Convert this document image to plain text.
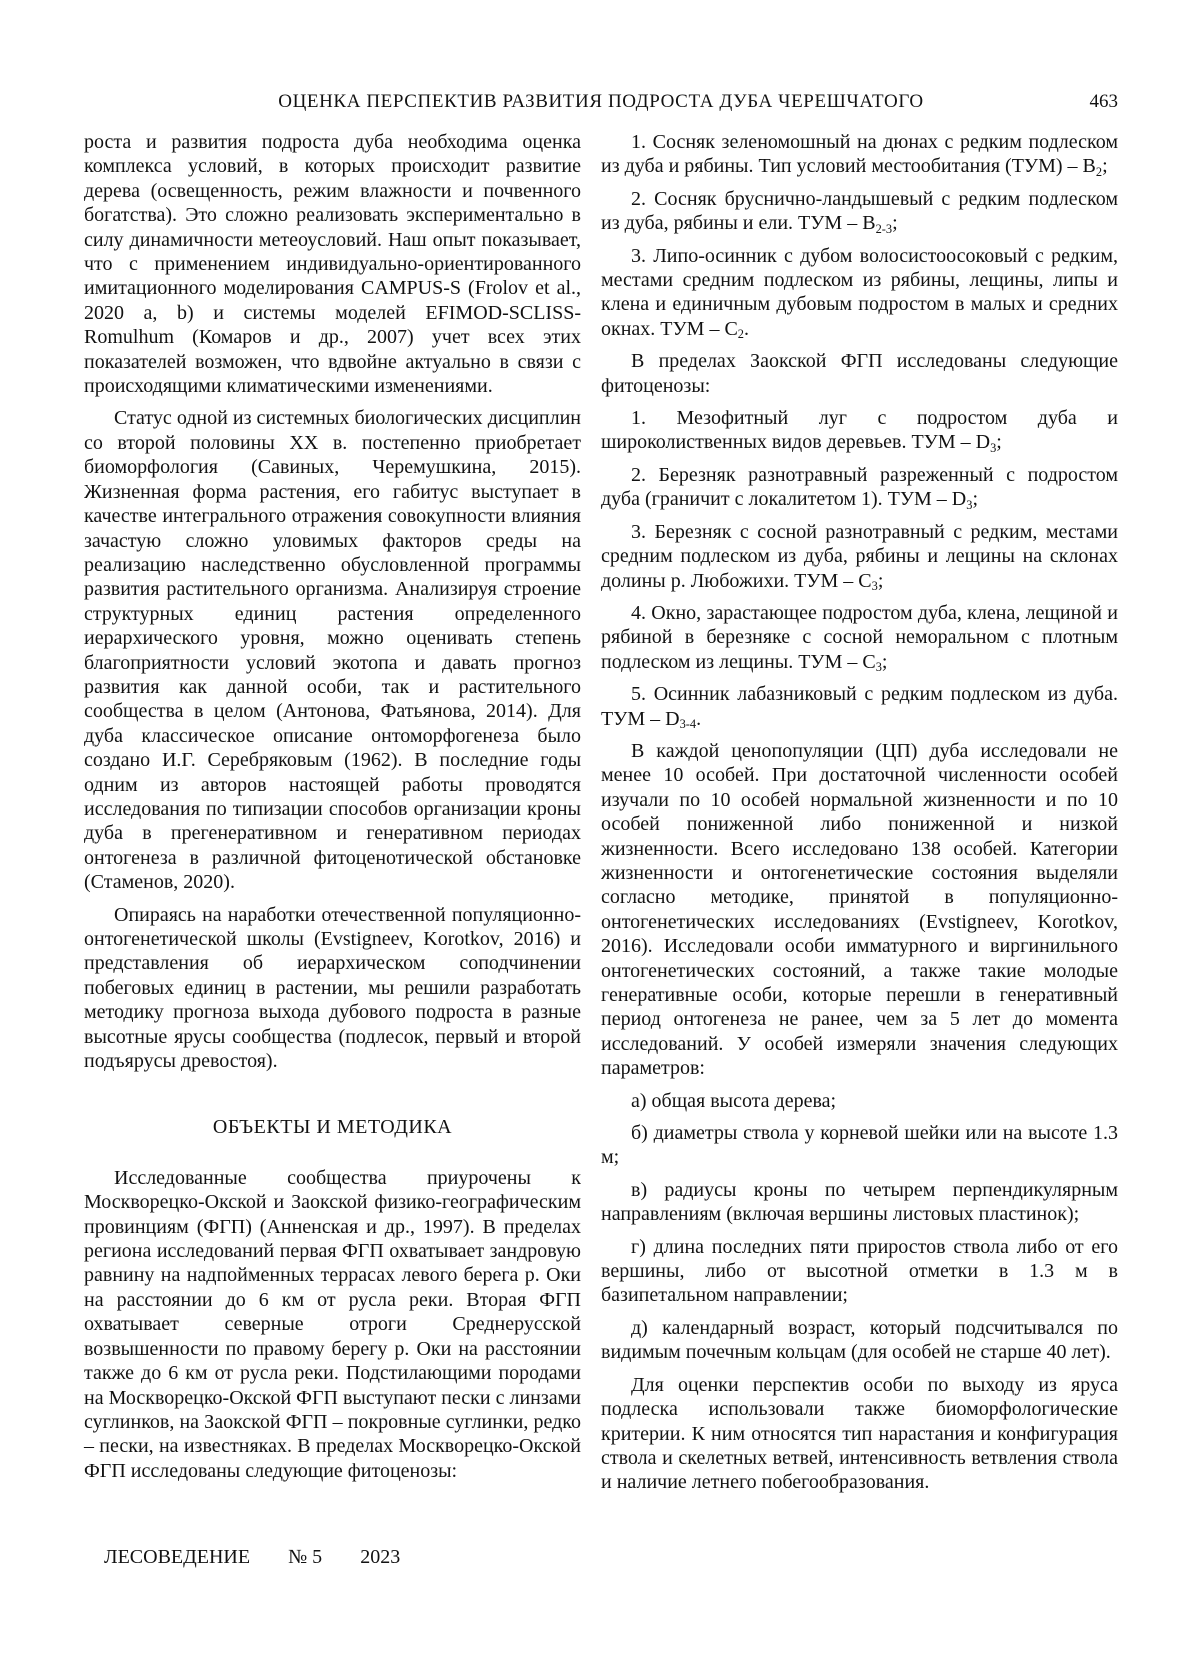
ОЦЕНКА ПЕРСПЕКТИВ РАЗВИТИЯ ПОДРОСТА ДУБА ЧЕРЕШЧАТОГО	463

роста и развития подроста дуба необходима оценка комплекса условий, в которых происходит развитие дерева (освещенность, режим влажности и почвенного богатства). Это сложно реализовать экспериментально в силу динамичности метеоусловий. Наш опыт показывает, что с применением индивидуально-ориентированного имитационного моделирования CAMPUS-S (Frolov et al., 2020 a, b) и системы моделей EFIMOD-SCLISS-Romulhum (Комаров и др., 2007) учет всех этих показателей возможен, что вдвойне актуально в связи с происходящими климатическими изменениями.

Статус одной из системных биологических дисциплин со второй половины XX в. постепенно приобретает биоморфология (Савиных, Черемушкина, 2015). Жизненная форма растения, его габитус выступает в качестве интегрального отражения совокупности влияния зачастую сложно уловимых факторов среды на реализацию наследственно обусловленной программы развития растительного организма. Анализируя строение структурных единиц растения определенного иерархического уровня, можно оценивать степень благоприятности условий экотопа и давать прогноз развития как данной особи, так и растительного сообщества в целом (Антонова, Фатьянова, 2014). Для дуба классическое описание онтоморфогенеза было создано И.Г. Серебряковым (1962). В последние годы одним из авторов настоящей работы проводятся исследования по типизации способов организации кроны дуба в прегенеративном и генеративном периодах онтогенеза в различной фитоценотической обстановке (Стаменов, 2020).

Опираясь на наработки отечественной популяционно-онтогенетической школы (Evstigneev, Korotkov, 2016) и представления об иерархическом соподчинении побеговых единиц в растении, мы решили разработать методику прогноза выхода дубового подроста в разные высотные ярусы сообщества (подлесок, первый и второй подъярусы древостоя).

ОБЪЕКТЫ И МЕТОДИКА

Исследованные сообщества приурочены к Москворецко-Окской и Заокской физико-географическим провинциям (ФГП) (Анненская и др., 1997). В пределах региона исследований первая ФГП охватывает зандровую равнину на надпойменных террасах левого берега р. Оки на расстоянии до 6 км от русла реки. Вторая ФГП охватывает северные отроги Среднерусской возвышенности по правому берегу р. Оки на расстоянии также до 6 км от русла реки. Подстилающими породами на Москворецко-Окской ФГП выступают пески с линзами суглинков, на Заокской ФГП – покровные суглинки, редко – пески, на известняках. В пределах Москворецко-Окской ФГП исследованы следующие фитоценозы:

1. Сосняк зеленомошный на дюнах с редким подлеском из дуба и рябины. Тип условий местообитания $(ТУМ) - B_2$;

2. Сосняк бруснично-ландышевый с редким подлеском из дуба, рябины и ели. ТУМ – $B_{2-3}$;

3. Липо-осинник с дубом волосистоосоковый с редким, местами средним подлеском из рябины, лещины, липы и клена и единичным дубовым подростом в малых и средних окнах. ТУМ – $C_2$.

В пределах Заокской ФГП исследованы следующие фитоценозы:

1. Мезофитный луг с подростом дуба и широколиственных видов деревьев. ТУМ – $D_3$;

2. Березняк разнотравный разреженный с подростом дуба (граничит с локалитетом 1). ТУМ – $D_3$;

3. Березняк с сосной разнотравный с редким, местами средним подлеском из дуба, рябины и лещины на склонах долины р. Любожихи. ТУМ – $C_3$;

4. Окно, зарастающее подростом дуба, клена, лещиной и рябиной в березняке с сосной неморальном с плотным подлеском из лещины. ТУМ – $C_3$;

5. Осинник лабазниковый с редким подлеском из дуба. ТУМ – $D_{3-4}$.

В каждой ценопопуляции (ЦП) дуба исследовали не менее 10 особей. При достаточной численности особей изучали по 10 особей нормальной жизненности и по 10 особей пониженной либо пониженной и низкой жизненности. Всего исследовано 138 особей. Категории жизненности и онтогенетические состояния выделяли согласно методике, принятой в популяционно-онтогенетических исследованиях (Evstigneev, Korotkov, 2016). Исследовали особи имматурного и виргинильного онтогенетических состояний, а также такие молодые генеративные особи, которые перешли в генеративный период онтогенеза не ранее, чем за 5 лет до момента исследований. У особей измеряли значения следующих параметров:

а) общая высота дерева;

б) диаметры ствола у корневой шейки или на высоте 1.3 м;

в) радиусы кроны по четырем перпендикулярным направлениям (включая вершины листовых пластинок);

г) длина последних пяти приростов ствола либо от его вершины, либо от высотной отметки в 1.3 м в базипетальном направлении;

д) календарный возраст, который подсчитывался по видимым почечным кольцам (для особей не старше 40 лет).

Для оценки перспектив особи по выходу из яруса подлеска использовали также биоморфологические критерии. К ним относятся тип нарастания и конфигурация ствола и скелетных ветвей, интенсивность ветвления ствола и наличие летнего побегообразования.

ЛЕСОВЕДЕНИЕ № 5 2023
